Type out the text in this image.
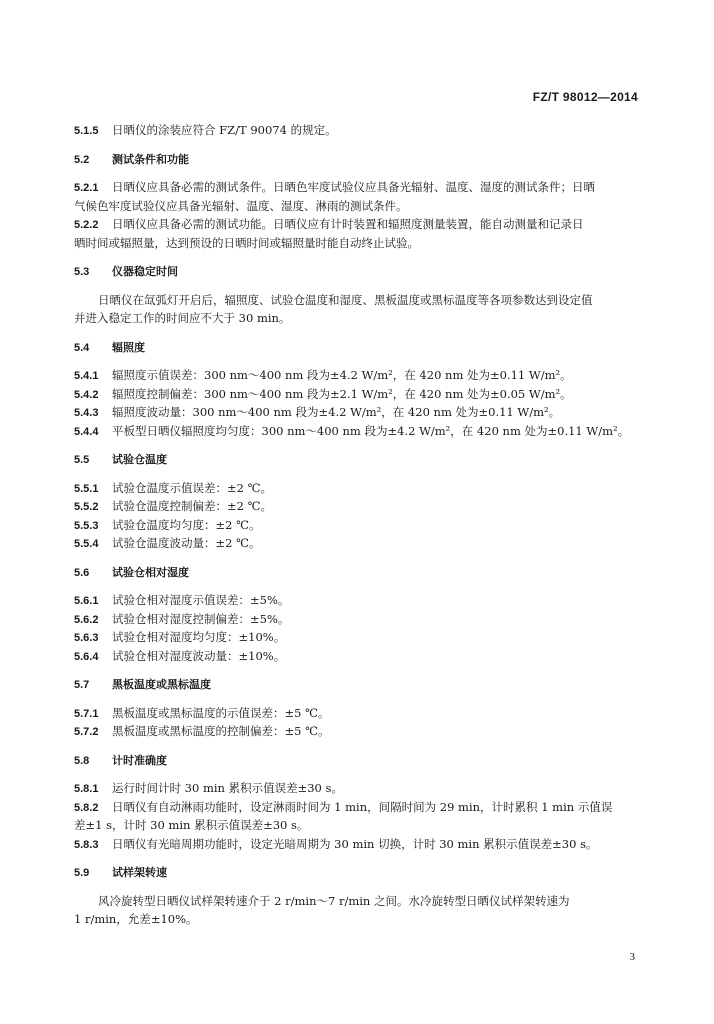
FZ/T 98012—2014
5.1.5 日晒仪的涂装应符合 FZ/T 90074 的规定。
5.2 测试条件和功能
5.2.1 日晒仪应具备必需的测试条件。日晒色牢度试验仪应具备光辐射、温度、湿度的测试条件；日晒
气候色牢度试验仪应具备光辐射、温度、湿度、淋雨的测试条件。
5.2.2 日晒仪应具备必需的测试功能。日晒仪应有计时装置和辐照度测量装置，能自动测量和记录日
晒时间或辐照量，达到预设的日晒时间或辐照量时能自动终止试验。
5.3 仪器稳定时间
日晒仪在氙弧灯开启后，辐照度、试验仓温度和湿度、黑板温度或黑标温度等各项参数达到设定值
并进入稳定工作的时间应不大于 30 min。
5.4 辐照度
5.4.1 辐照度示值误差：300 nm～400 nm 段为±4.2 W/m²，在 420 nm 处为±0.11 W/m²。
5.4.2 辐照度控制偏差：300 nm～400 nm 段为±2.1 W/m²，在 420 nm 处为±0.05 W/m²。
5.4.3 辐照度波动量：300 nm～400 nm 段为±4.2 W/m²，在 420 nm 处为±0.11 W/m²。
5.4.4 平板型日晒仪辐照度均匀度：300 nm～400 nm 段为±4.2 W/m²，在 420 nm 处为±0.11 W/m²。
5.5 试验仓温度
5.5.1 试验仓温度示值误差：±2 ℃。
5.5.2 试验仓温度控制偏差：±2 ℃。
5.5.3 试验仓温度均匀度：±2 ℃。
5.5.4 试验仓温度波动量：±2 ℃。
5.6 试验仓相对湿度
5.6.1 试验仓相对湿度示值误差：±5%。
5.6.2 试验仓相对湿度控制偏差：±5%。
5.6.3 试验仓相对湿度均匀度：±10%。
5.6.4 试验仓相对湿度波动量：±10%。
5.7 黑板温度或黑标温度
5.7.1 黑板温度或黑标温度的示值误差：±5 ℃。
5.7.2 黑板温度或黑标温度的控制偏差：±5 ℃。
5.8 计时准确度
5.8.1 运行时间计时 30 min 累积示值误差±30 s。
5.8.2 日晒仪有自动淋雨功能时，设定淋雨时间为 1 min，间隔时间为 29 min，计时累积 1 min 示值误
差±1 s，计时 30 min 累积示值误差±30 s。
5.8.3 日晒仪有光暗周期功能时，设定光暗周期为 30 min 切换，计时 30 min 累积示值误差±30 s。
5.9 试样架转速
风冷旋转型日晒仪试样架转速介于 2 r/min～7 r/min 之间。水冷旋转型日晒仪试样架转速为
1 r/min，允差±10%。
3
